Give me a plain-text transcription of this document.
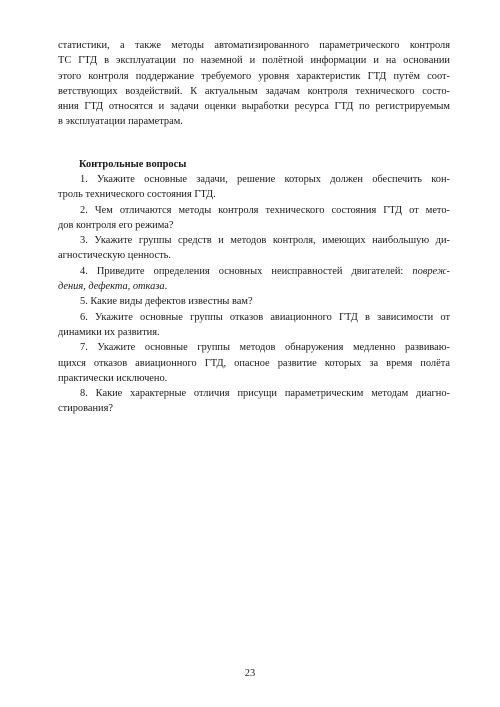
статистики, а также методы автоматизированного параметрического контроля
ТС ГТД в эксплуатации по наземной и полётной информации и на основании
этого контроля поддержание требуемого уровня характеристик ГТД путём соот-
ветствующих воздействий. К актуальным задачам контроля технического состо-
яния ГТД относятся и задачи оценки выработки ресурса ГТД по регистрируемым
в эксплуатации параметрам.
Контрольные вопросы
1. Укажите основные задачи, решение которых должен обеспечить кон-
троль технического состояния ГТД.
2. Чем отличаются методы контроля технического состояния ГТД от мето-
дов контроля его режима?
3. Укажите группы средств и методов контроля, имеющих наибольшую ди-
агностическую ценность.
4. Приведите определения основных неисправностей двигателей: повреж-
дения, дефекта, отказа.
5. Какие виды дефектов известны вам?
6. Укажите основные группы отказов авиационного ГТД в зависимости от
динамики их развития.
7. Укажите основные группы методов обнаружения медленно развиваю-
щихся отказов авиационного ГТД, опасное развитие которых за время полёта
практически исключено.
8. Какие характерные отличия присущи параметрическим методам диагно-
стирования?
23
